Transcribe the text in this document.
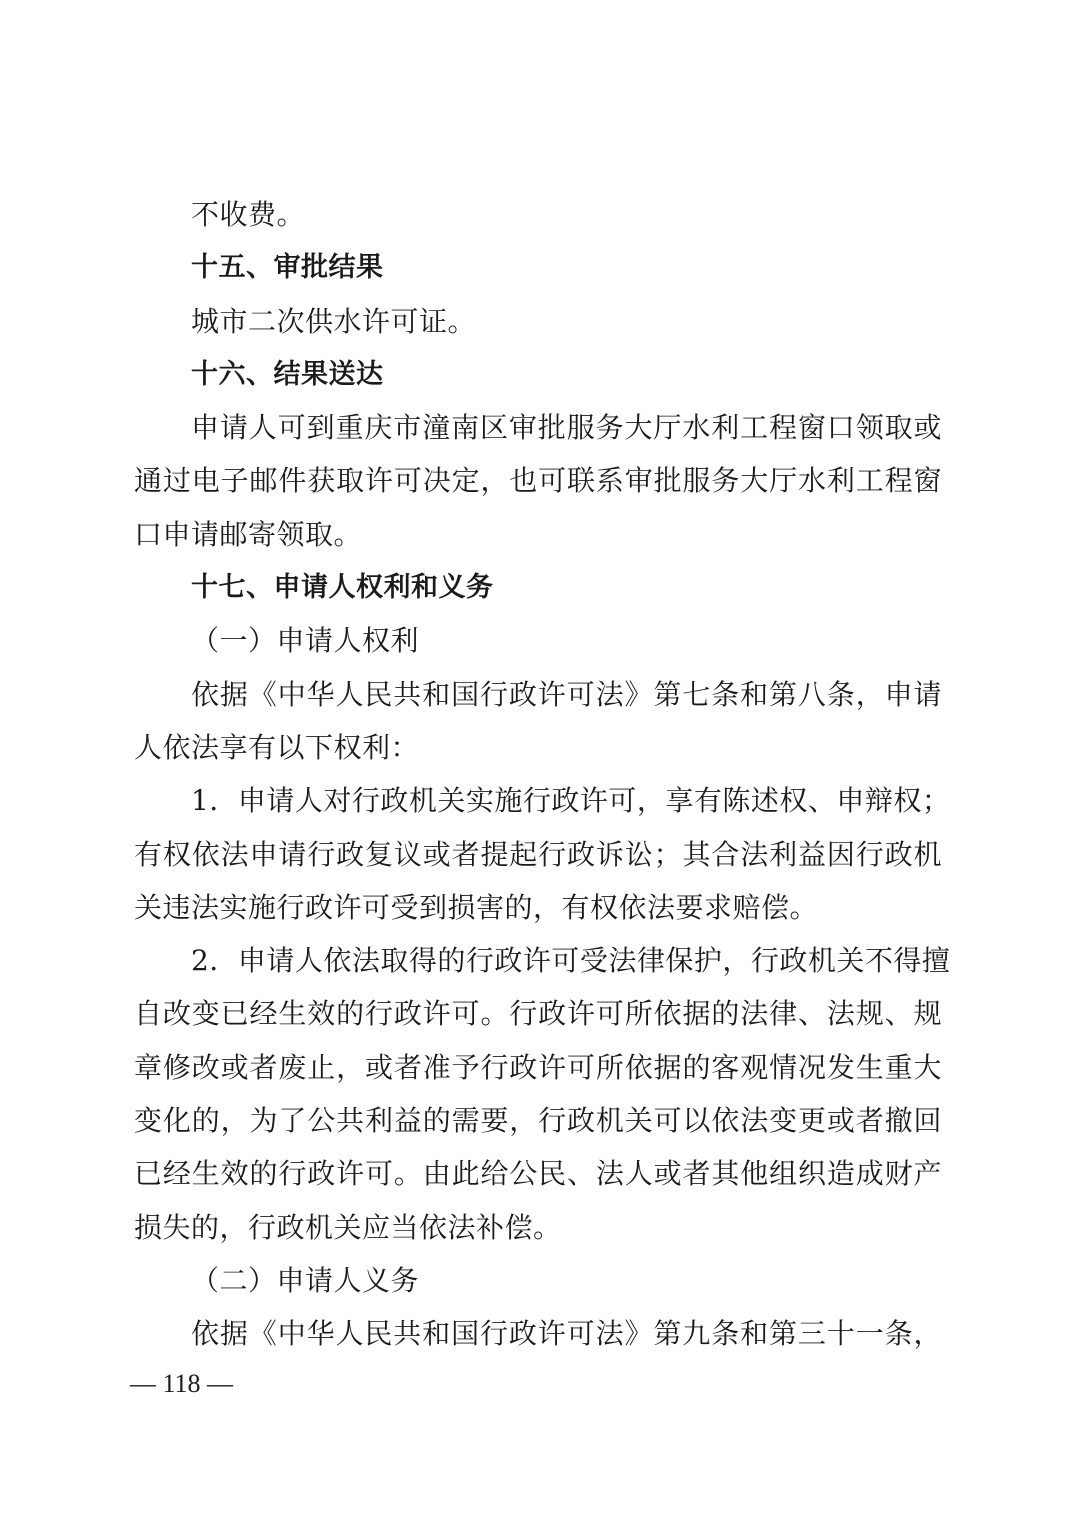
不收费。
十五、审批结果
城市二次供水许可证。
十六、结果送达
申请人可到重庆市潼南区审批服务大厅水利工程窗口领取或
通过电子邮件获取许可决定，也可联系审批服务大厅水利工程窗
口申请邮寄领取。
十七、申请人权利和义务
（一）申请人权利
依据《中华人民共和国行政许可法》第七条和第八条，申请
人依法享有以下权利：
1．申请人对行政机关实施行政许可，享有陈述权、申辩权；
有权依法申请行政复议或者提起行政诉讼；其合法利益因行政机
关违法实施行政许可受到损害的，有权依法要求赔偿。
2．申请人依法取得的行政许可受法律保护，行政机关不得擅
自改变已经生效的行政许可。行政许可所依据的法律、法规、规
章修改或者废止，或者准予行政许可所依据的客观情况发生重大
变化的，为了公共利益的需要，行政机关可以依法变更或者撤回
已经生效的行政许可。由此给公民、法人或者其他组织造成财产
损失的，行政机关应当依法补偿。
（二）申请人义务
依据《中华人民共和国行政许可法》第九条和第三十一条，
— 118 —
